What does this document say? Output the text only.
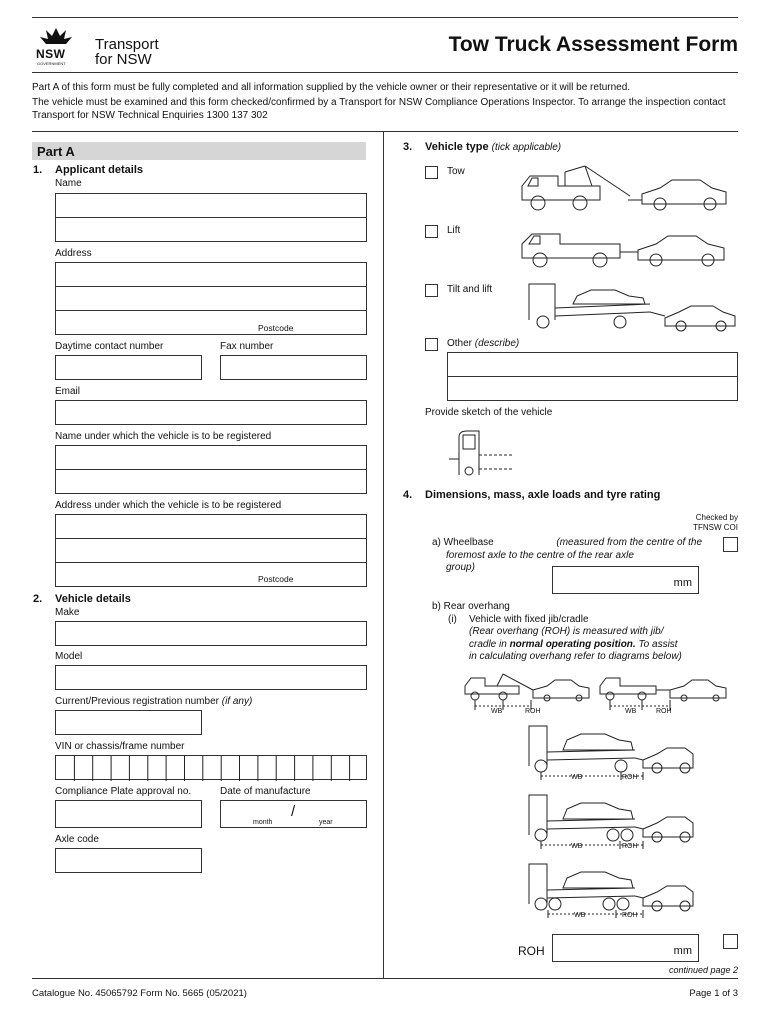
NSW
GOVERNMENT
Transport
for NSW
Tow Truck Assessment Form
Part A of this form must be fully completed and all information supplied by the vehicle owner or their representative or it will be returned.
The vehicle must be examined and this form checked/confirmed by a Transport for NSW Compliance Operations Inspector. To arrange the inspection contact Transport for NSW Technical Enquiries 1300 137 302
Part A
1. Applicant details
Name
Address
Postcode
Daytime contact number	Fax number
Email
Name under which the vehicle is to be registered
Address under which the vehicle is to be registered
Postcode
2. Vehicle details
Make
Model
Current/Previous registration number (if any)
VIN or chassis/frame number
Compliance Plate approval no.	Date of manufacture
month
/
year
Axle code
3. Vehicle type (tick applicable)
Tow
Lift
Tilt and lift
Other (describe)
Provide sketch of the vehicle
4. Dimensions, mass, axle loads and tyre rating
Checked by
TFNSW COI
a) Wheelbase	(measured from the centre of the
foremost axle to the centre of the rear axle
group)
mm
b) Rear overhang
(i) Vehicle with fixed jib/cradle
(Rear overhang (ROH) is measured with jib/
cradle in normal operating position. To assist
in calculating overhang refer to diagrams below)
WB	ROH	WB	ROH
WB	ROH
WB	ROH
WB	ROH
ROH	mm
continued page 2
Catalogue No. 45065792 Form No. 5665 (05/2021)	Page 1 of 3
